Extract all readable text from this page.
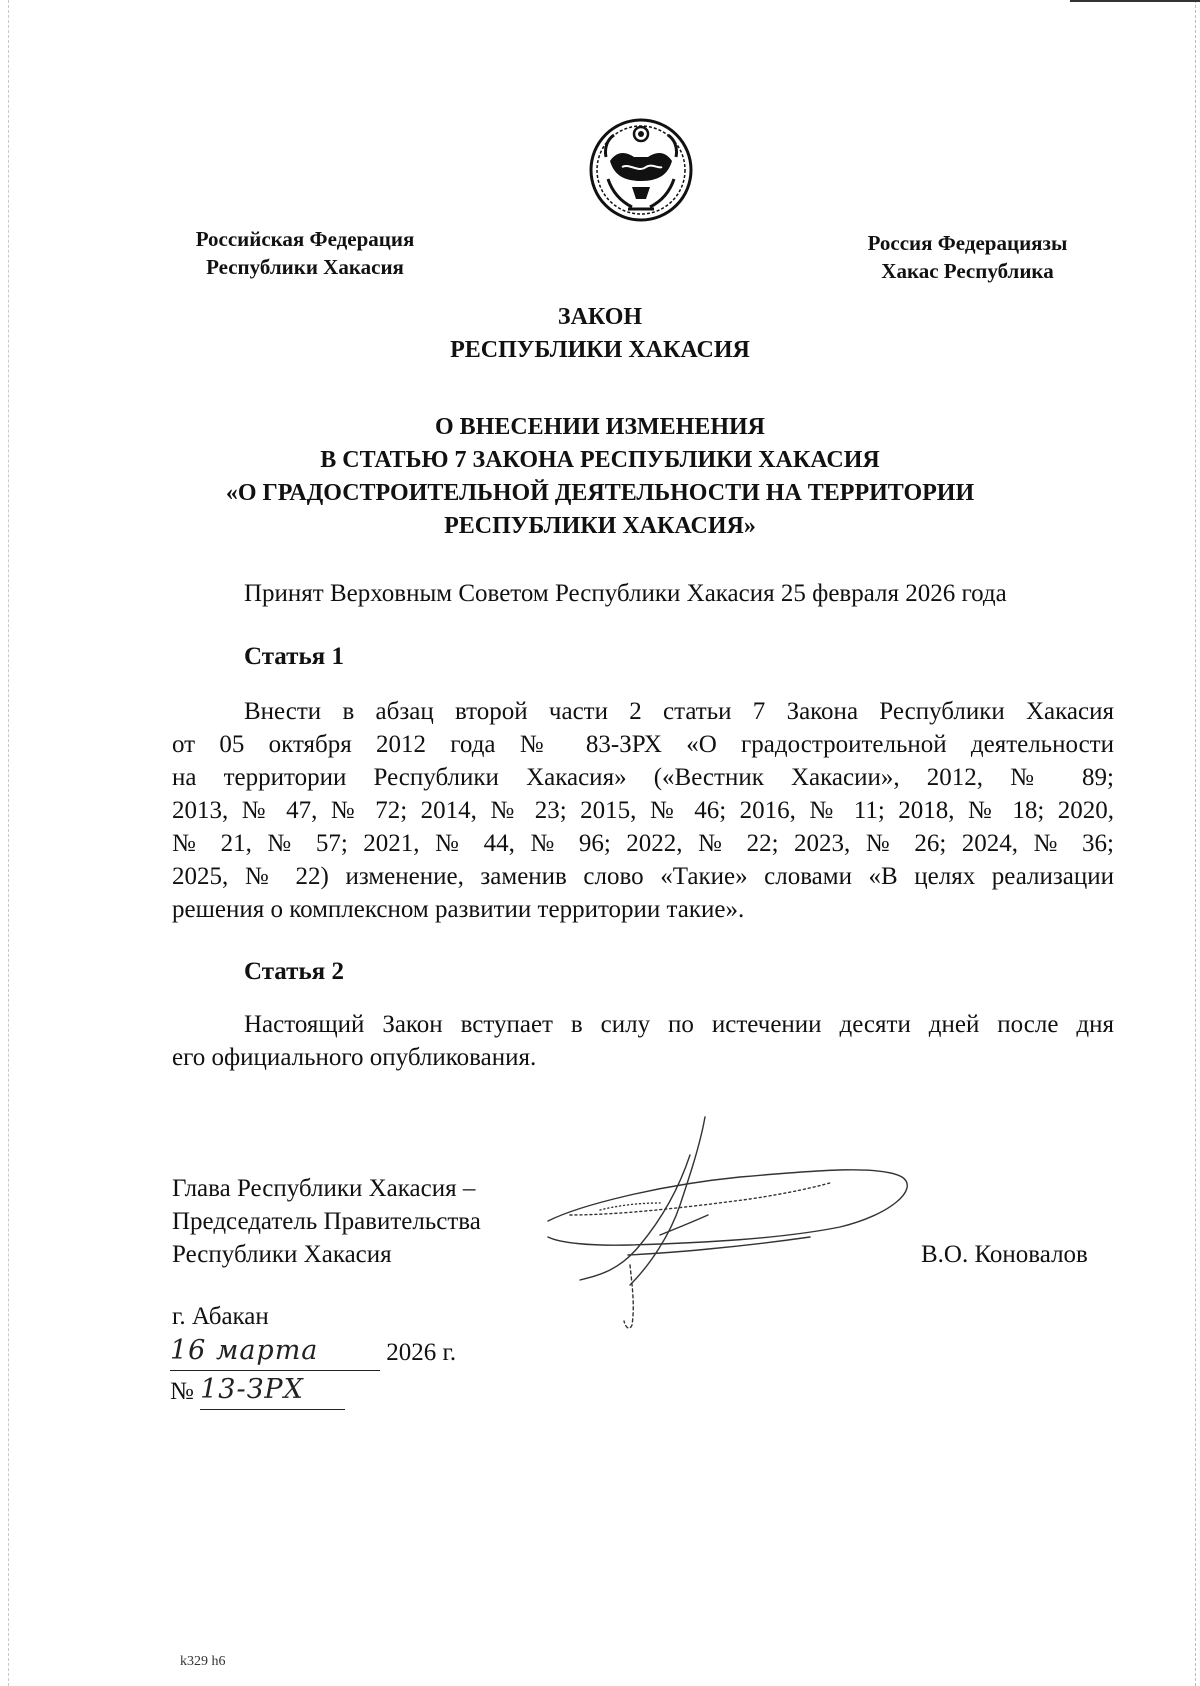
Российская Федерация
Республики Хакасия
Россия Федерациязы
Хакас Республика
ЗАКОН
РЕСПУБЛИКИ ХАКАСИЯ
О ВНЕСЕНИИ ИЗМЕНЕНИЯ
В СТАТЬЮ 7 ЗАКОНА РЕСПУБЛИКИ ХАКАСИЯ
«О ГРАДОСТРОИТЕЛЬНОЙ ДЕЯТЕЛЬНОСТИ НА ТЕРРИТОРИИ
РЕСПУБЛИКИ ХАКАСИЯ»
Принят Верховным Советом Республики Хакасия 25 февраля 2026 года
Статья 1
Внести в абзац второй части 2 статьи 7 Закона Республики Хакасия
от 05 октября 2012 года № 83-ЗРХ «О градостроительной деятельности
на территории Республики Хакасия» («Вестник Хакасии», 2012, № 89;
2013, № 47, № 72; 2014, № 23; 2015, № 46; 2016, № 11; 2018, № 18; 2020,
№ 21, № 57; 2021, № 44, № 96; 2022, № 22; 2023, № 26; 2024, № 36;
2025, № 22) изменение, заменив слово «Такие» словами «В целях реализации
решения о комплексном развитии территории такие».
Статья 2
Настоящий Закон вступает в силу по истечении десяти дней после дня
его официального опубликования.
Глава Республики Хакасия –
Председатель Правительства
Республики Хакасия	В.О. Коновалов
г. Абакан
16 марта	2026 г.
№ 13-ЗРХ
k329 h6
